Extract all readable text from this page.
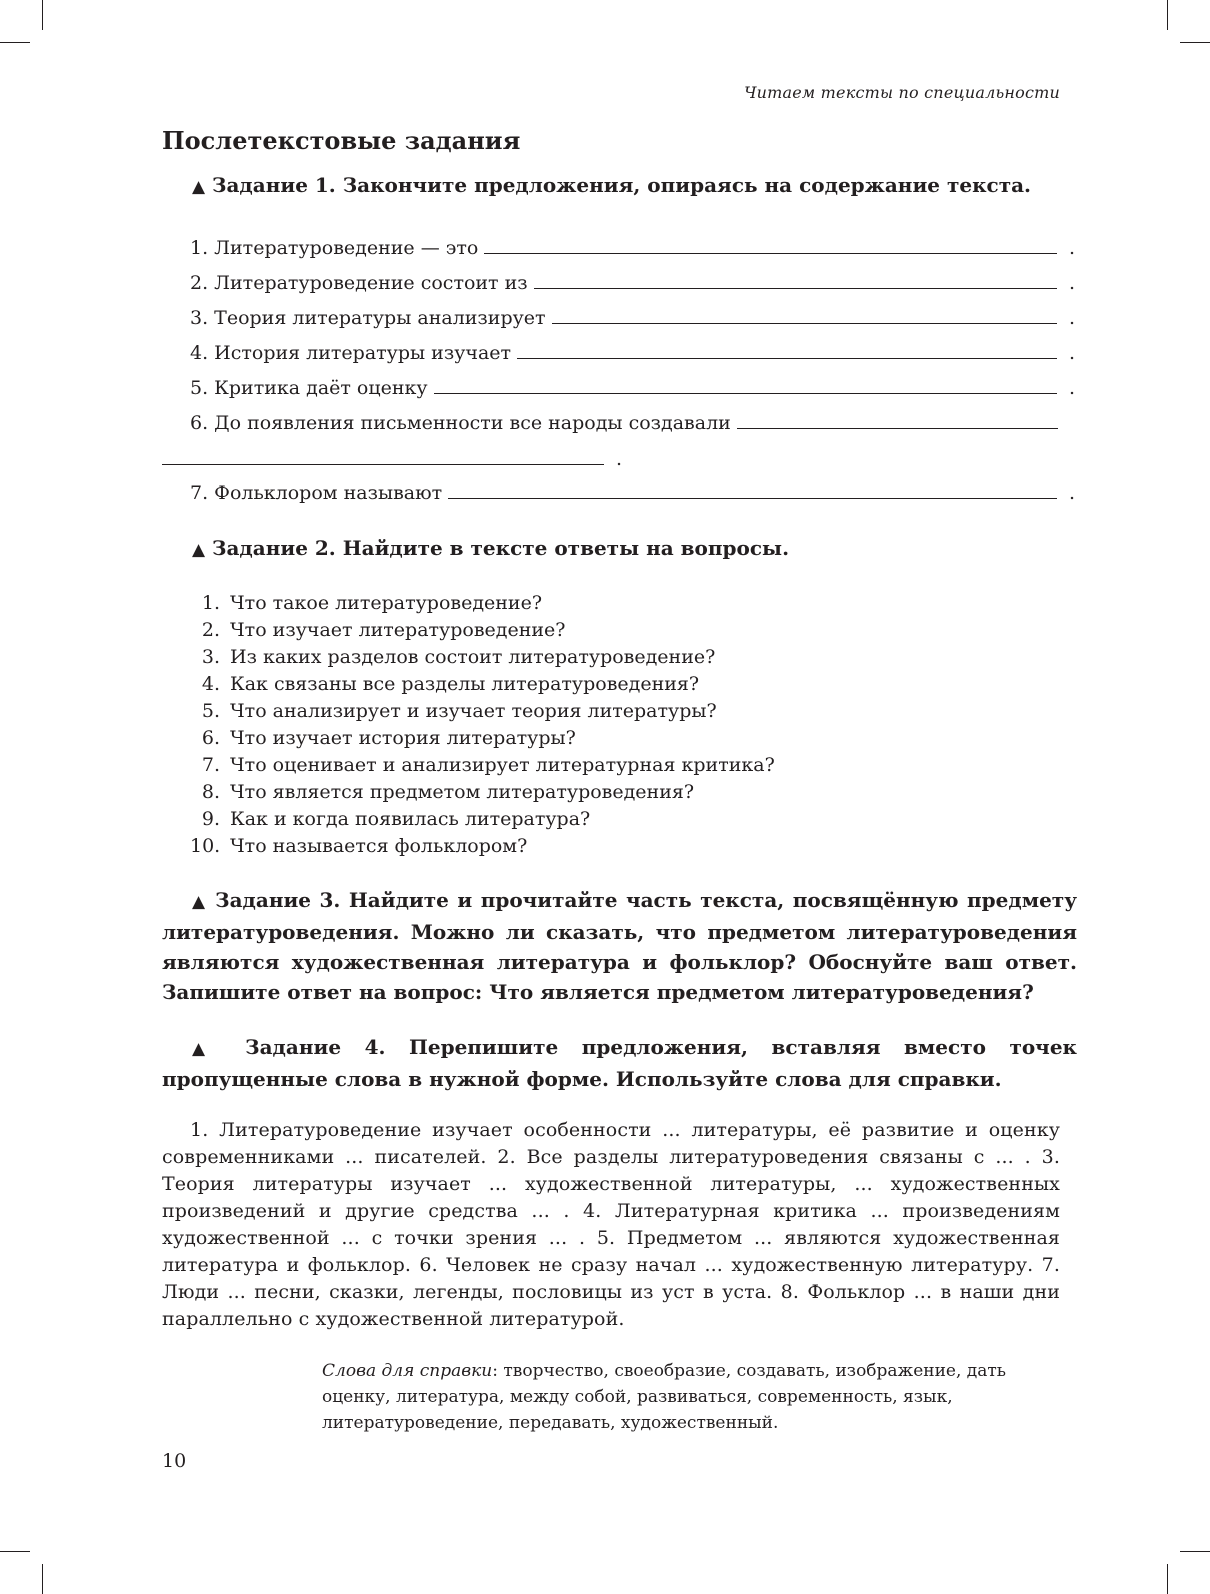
Читаем тексты по специальности
Послетекстовые задания
▲ Задание 1. Закончите предложения, опираясь на содержание текста.
1. Литературоведение — это	.
2. Литературоведение состоит из	.
3. Теория литературы анализирует	.
4. История литературы изучает	.
5. Критика даёт оценку	.
6. До появления письменности все народы создавали
.
7. Фольклором называют	.
▲ Задание 2. Найдите в тексте ответы на вопросы.
1. Что такое литературоведение?
2. Что изучает литературоведение?
3. Из каких разделов состоит литературоведение?
4. Как связаны все разделы литературоведения?
5. Что анализирует и изучает теория литературы?
6. Что изучает история литературы?
7. Что оценивает и анализирует литературная критика?
8. Что является предметом литературоведения?
9. Как и когда появилась литература?
10. Что называется фольклором?
▲ Задание 3. Найдите и прочитайте часть текста, посвящённую предмету литературоведения. Можно ли сказать, что предметом литературоведения являются художественная литература и фольклор? Обоснуйте ваш ответ. Запишите ответ на вопрос: Что является предметом литературоведения?
▲ Задание 4. Перепишите предложения, вставляя вместо точек пропущенные слова в нужной форме. Используйте слова для справки.
1. Литературоведение изучает особенности ... литературы, её развитие и оценку современниками ... писателей. 2. Все разделы литературоведения связаны с ... . 3. Теория литературы изучает ... художественной литературы, ... художественных произведений и другие средства ... . 4. Литературная критика ... произведениям художественной ... с точки зрения ... . 5. Предметом ... являются художественная литература и фольклор. 6. Человек не сразу начал ... художественную литературу. 7. Люди ... песни, сказки, легенды, пословицы из уст в уста. 8. Фольклор ... в наши дни параллельно с художественной литературой.
Слова для справки: творчество, своеобразие, создавать, изображение, дать оценку, литература, между собой, развиваться, современность, язык, литературоведение, передавать, художественный.
10
